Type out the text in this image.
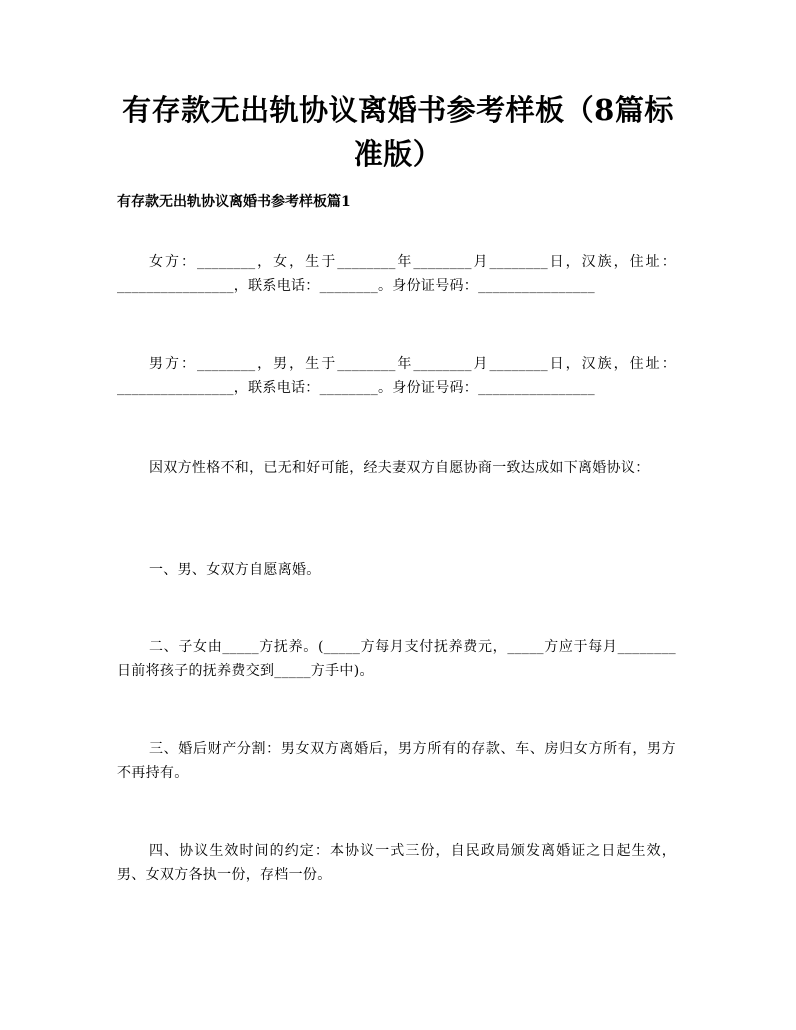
有存款无出轨协议离婚书参考样板（8篇标准版）
有存款无出轨协议离婚书参考样板篇1

女方：________，女，生于________年________月________日，汉族，住址：________________，联系电话：________。身份证号码：________________

男方：________，男，生于________年________月________日，汉族，住址：________________，联系电话：________。身份证号码：________________

因双方性格不和，已无和好可能，经夫妻双方自愿协商一致达成如下离婚协议：

一、男、女双方自愿离婚。

二、子女由_____方抚养。(_____方每月支付抚养费元，_____方应于每月________日前将孩子的抚养费交到_____方手中)。

三、婚后财产分割：男女双方离婚后，男方所有的存款、车、房归女方所有，男方不再持有。

四、协议生效时间的约定：本协议一式三份，自民政局颁发离婚证之日起生效，男、女双方各执一份，存档一份。
